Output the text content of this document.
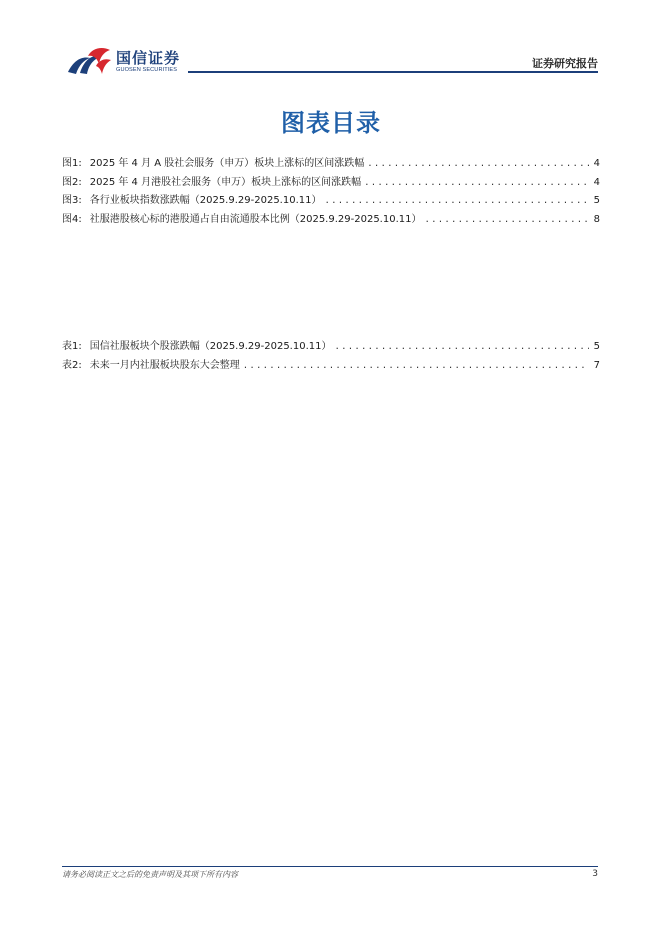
国信证券
GUOSEN SECURITIES	证券研究报告
图表目录
图1: 2025 年 4 月 A 股社会服务（申万）板块上涨标的区间涨跌幅 .....	4
图2: 2025 年 4 月港股社会服务（申万）板块上涨标的区间涨跌幅 .....	4
图3: 各行业板块指数涨跌幅（2025.9.29-2025.10.11） .....	5
图4: 社服港股核心标的港股通占自由流通股本比例（2025.9.29-2025.10.11） .....	8
表1: 国信社服板块个股涨跌幅（2025.9.29-2025.10.11） .....	5
表2: 未来一月内社服板块股东大会整理 .....	7
请务必阅读正文之后的免责声明及其项下所有内容	3
